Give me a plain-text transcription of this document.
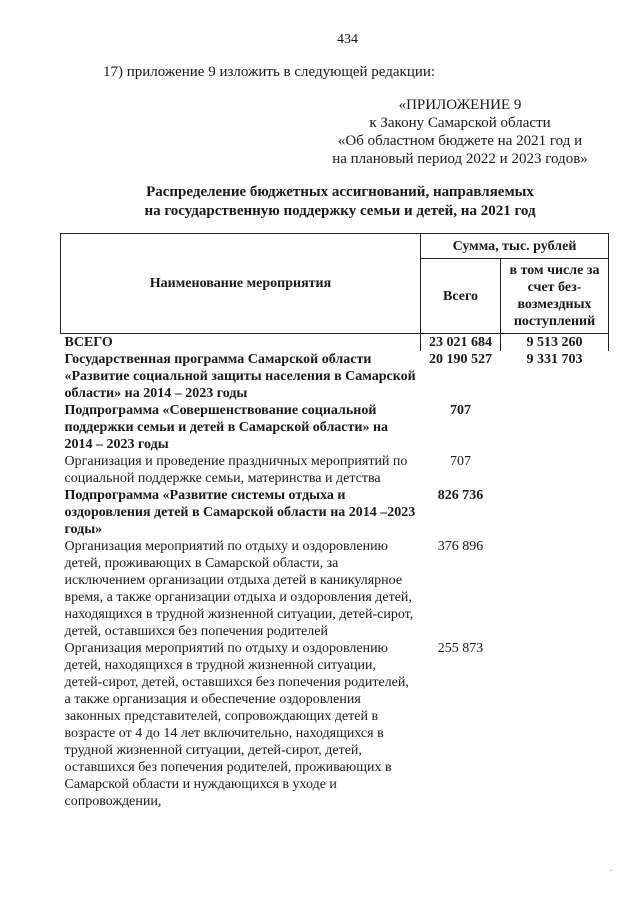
434
17) приложение 9 изложить в следующей редакции:
«ПРИЛОЖЕНИЕ 9
к Закону Самарской области
«Об областном бюджете на 2021 год и
на плановый период 2022 и 2023 годов»
Распределение бюджетных ассигнований, направляемых
на государственную поддержку семьи и детей, на 2021 год
Наименование мероприятия	Сумма, тыс. рублей	
	Всего	в том числе за счет без-возмездных поступлений
ВСЕГО	23 021 684	9 513 260
Государственная программа Самарской области «Развитие социальной защиты населения в Самарской области» на 2014 – 2023 годы	20 190 527	9 331 703
Подпрограмма «Совершенствование социальной поддержки семьи и детей в Самарской области» на 2014 – 2023 годы	707	
Организация и проведение праздничных мероприятий по социальной поддержке семьи, материнства и детства	707	
Подпрограмма «Развитие системы отдыха и оздоровления детей в Самарской области на 2014 –2023 годы»	826 736	
Организация мероприятий по отдыху и оздоровлению детей, проживающих в Самарской области, за исключением организации отдыха детей в каникулярное время, а также организации отдыха и оздоровления детей, находящихся в трудной жизненной ситуации, детей-сирот, детей, оставшихся без попечения родителей	376 896	
Организация мероприятий по отдыху и оздоровлению детей, находящихся в трудной жизненной ситуации, детей-сирот, детей, оставшихся без попечения родителей, а также организация и обеспечение оздоровления законных представителей, сопровождающих детей в возрасте от 4 до 14 лет включительно, находящихся в трудной жизненной ситуации, детей-сирот, детей, оставшихся без попечения родителей, проживающих в Самарской области и нуждающихся в уходе и сопровождении,	255 873	
·
